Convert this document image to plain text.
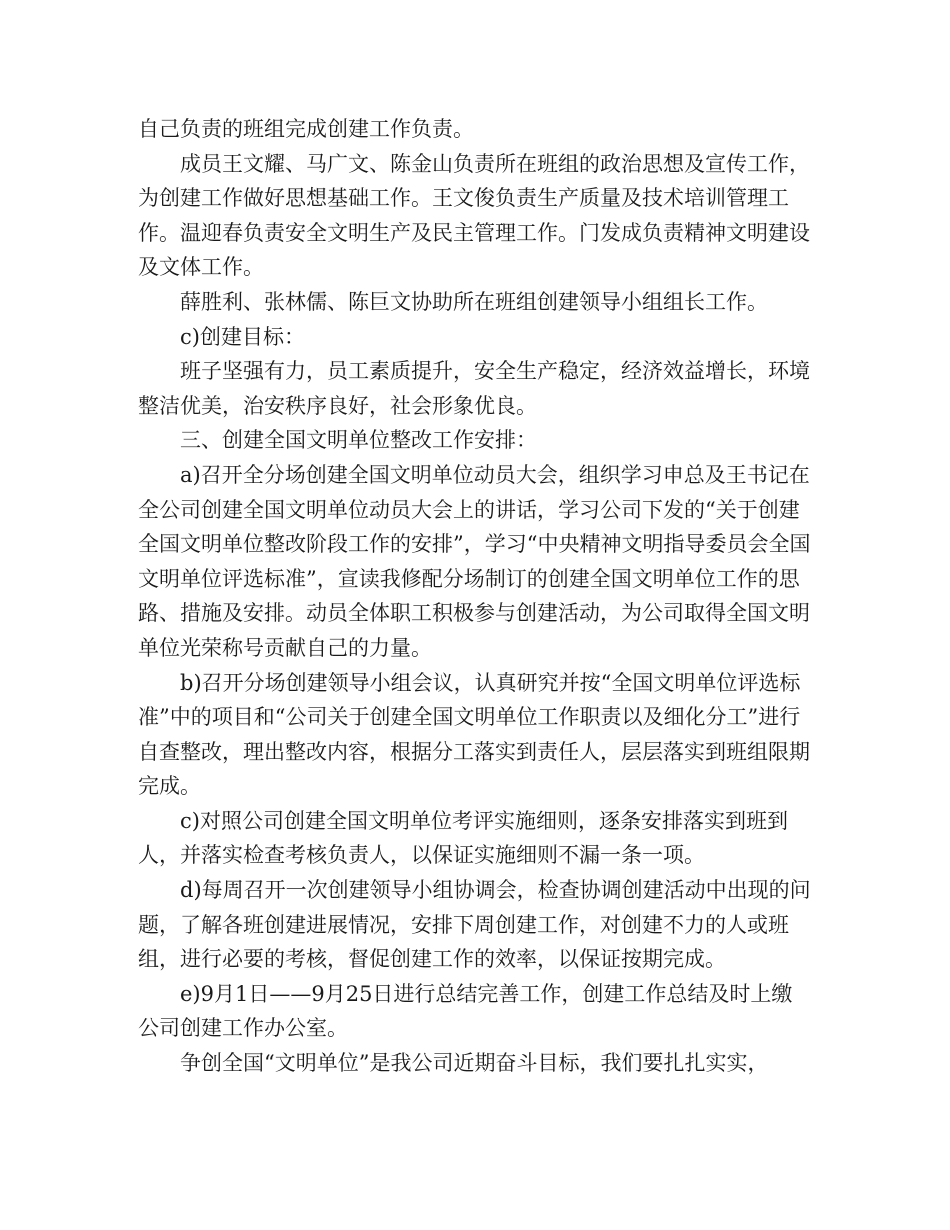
自己负责的班组完成创建工作负责。

成员王文耀、马广文、陈金山负责所在班组的政治思想及宣传工作，为创建工作做好思想基础工作。王文俊负责生产质量及技术培训管理工作。温迎春负责安全文明生产及民主管理工作。门发成负责精神文明建设及文体工作。

薛胜利、张林儒、陈巨文协助所在班组创建领导小组组长工作。

c)创建目标：

班子坚强有力，员工素质提升，安全生产稳定，经济效益增长，环境整洁优美，治安秩序良好，社会形象优良。

三、创建全国文明单位整改工作安排：

a)召开全分场创建全国文明单位动员大会，组织学习申总及王书记在全公司创建全国文明单位动员大会上的讲话，学习公司下发的“关于创建全国文明单位整改阶段工作的安排”，学习“中央精神文明指导委员会全国文明单位评选标准”，宣读我修配分场制订的创建全国文明单位工作的思路、措施及安排。动员全体职工积极参与创建活动，为公司取得全国文明单位光荣称号贡献自己的力量。

b)召开分场创建领导小组会议，认真研究并按“全国文明单位评选标准”中的项目和“公司关于创建全国文明单位工作职责以及细化分工”进行自查整改，理出整改内容，根据分工落实到责任人，层层落实到班组限期完成。

c)对照公司创建全国文明单位考评实施细则，逐条安排落实到班到人，并落实检查考核负责人，以保证实施细则不漏一条一项。

d)每周召开一次创建领导小组协调会，检查协调创建活动中出现的问题，了解各班创建进展情况，安排下周创建工作，对创建不力的人或班组，进行必要的考核，督促创建工作的效率，以保证按期完成。

e)9月1日——9月25日进行总结完善工作，创建工作总结及时上缴公司创建工作办公室。

争创全国“文明单位”是我公司近期奋斗目标，我们要扎扎实实，
